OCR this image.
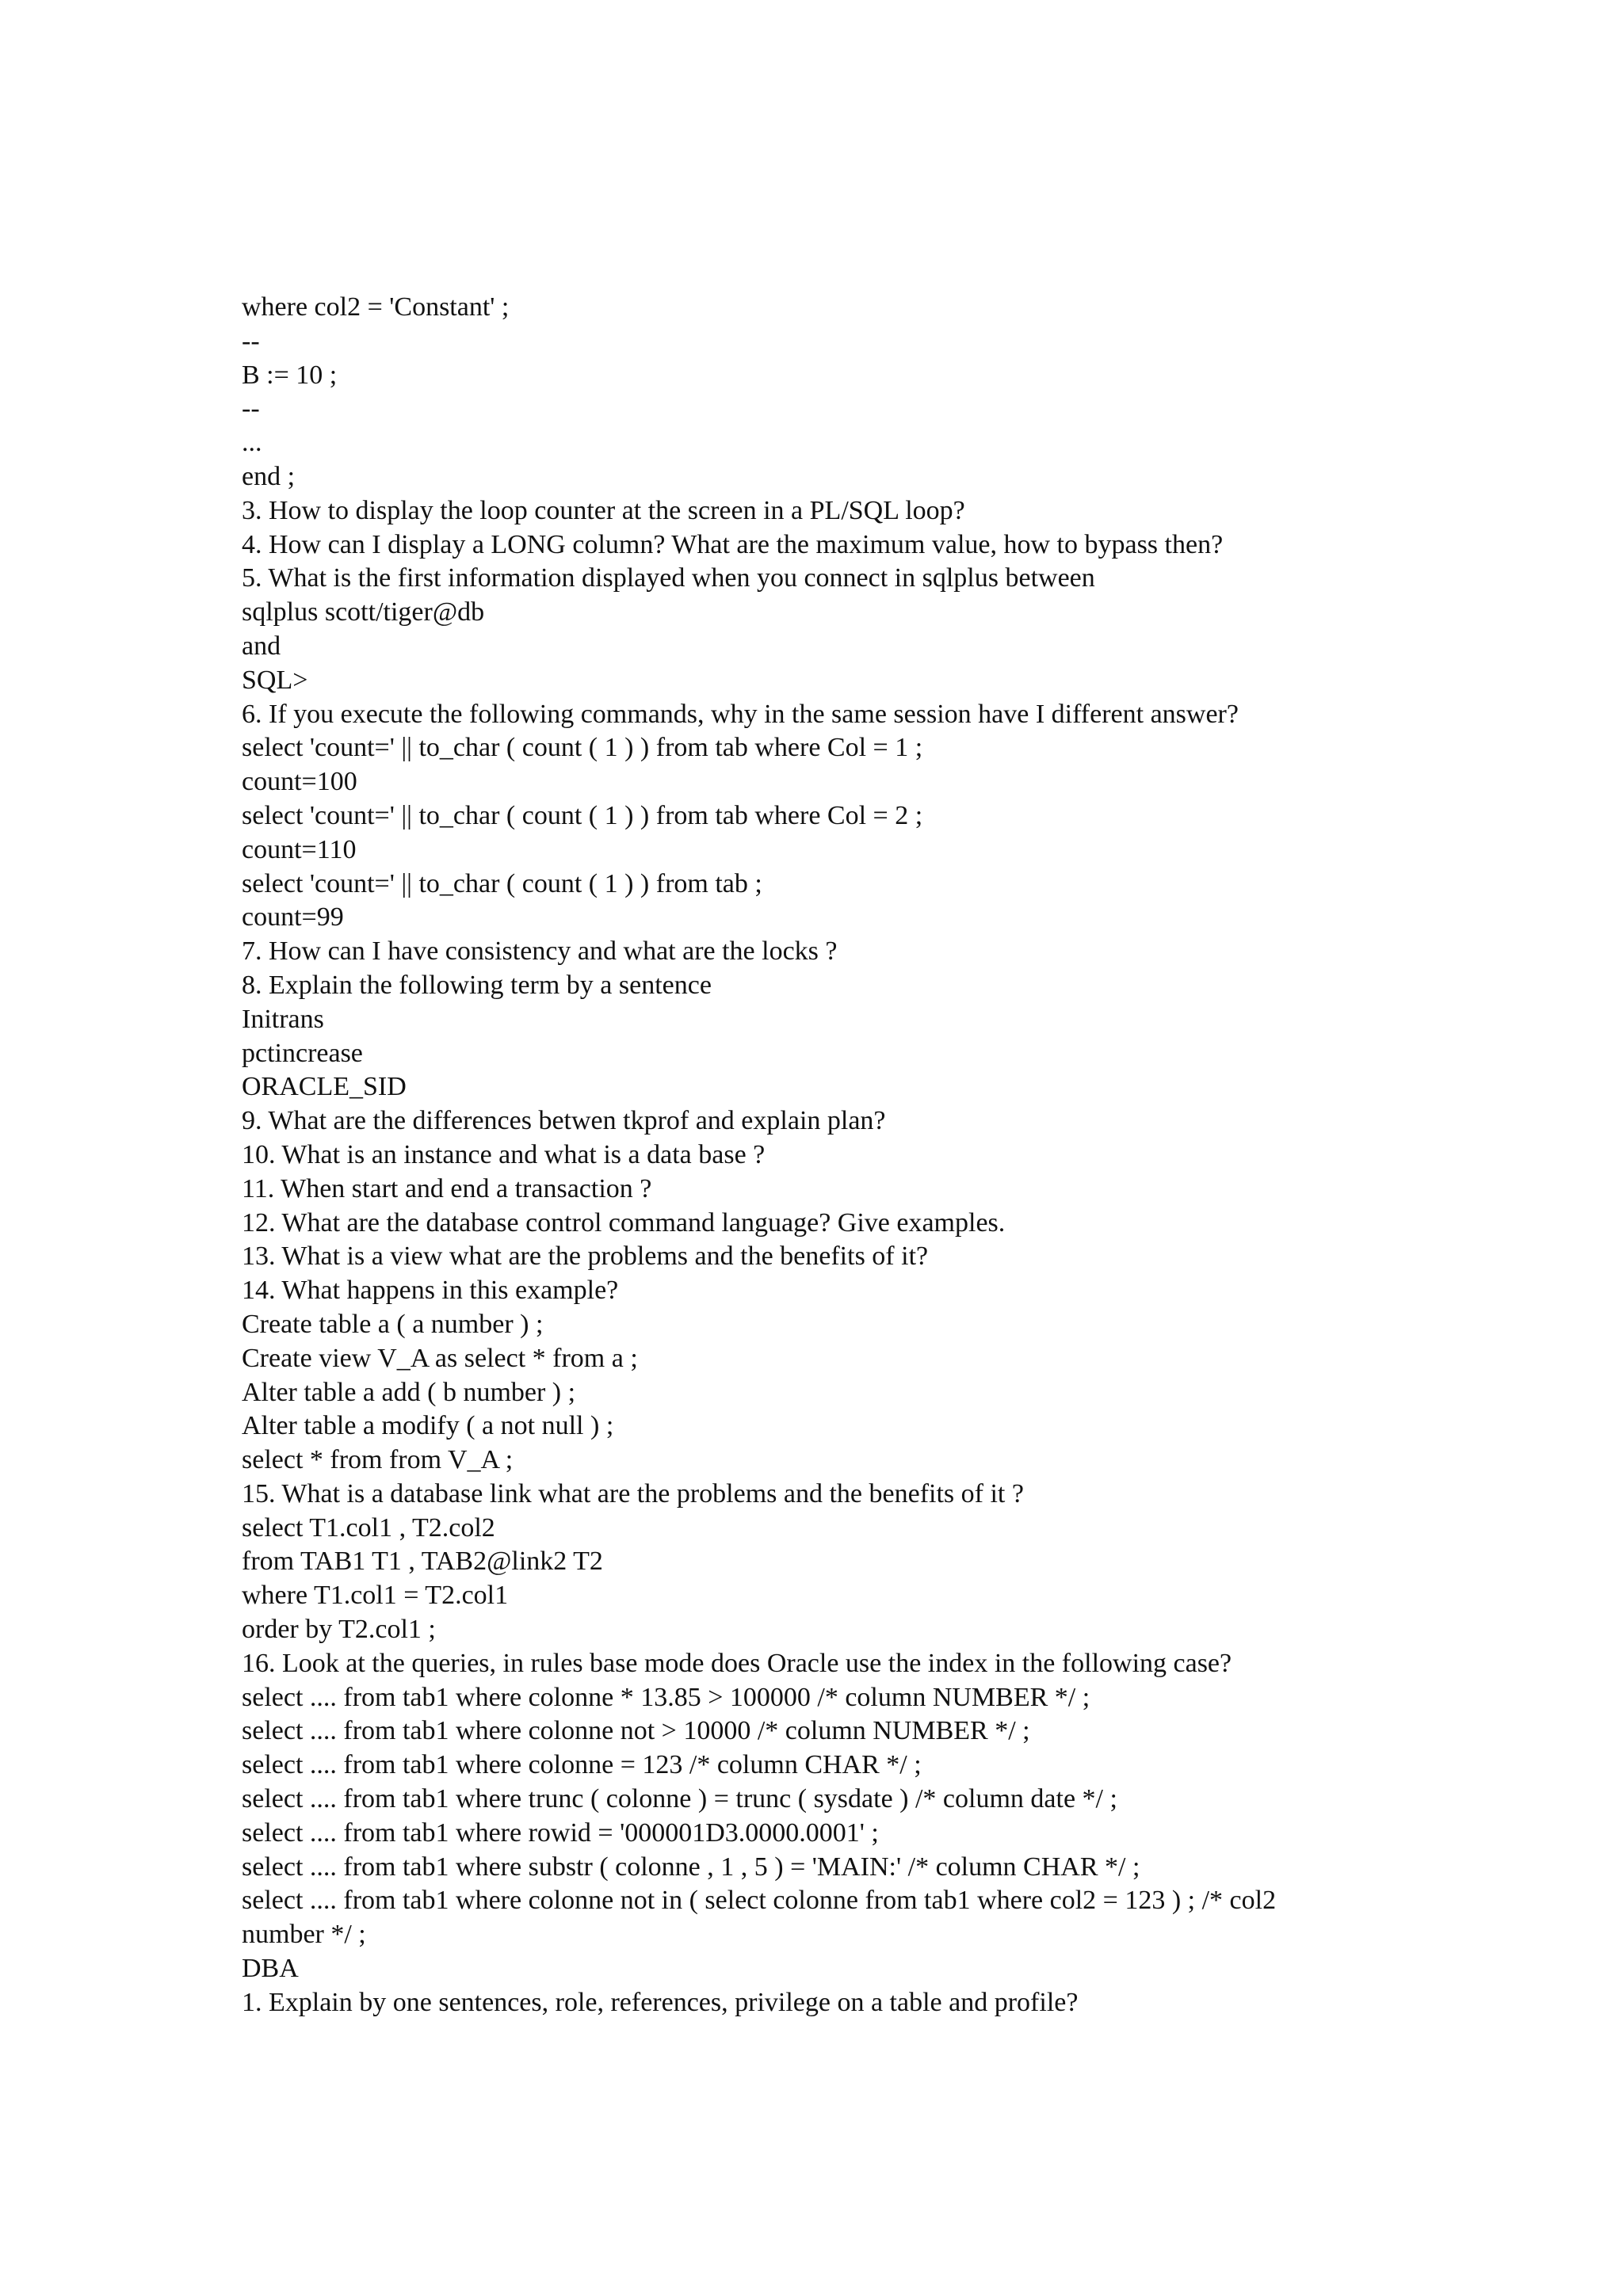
where col2 = 'Constant' ;
--
B := 10 ;
--
...
end ;
3. How to display the loop counter at the screen in a PL/SQL loop?
4. How can I display a LONG column? What are the maximum value, how to bypass then?
5. What is the first information displayed when you connect in sqlplus between
sqlplus scott/tiger@db
and
SQL>
6. If you execute the following commands, why in the same session have I different answer?
select 'count=' || to_char ( count ( 1 ) ) from tab where Col = 1 ;
count=100
select 'count=' || to_char ( count ( 1 ) ) from tab where Col = 2 ;
count=110
select 'count=' || to_char ( count ( 1 ) ) from tab ;
count=99
7. How can I have consistency and what are the locks ?
8. Explain the following term by a sentence
Initrans
pctincrease
ORACLE_SID
9. What are the differences betwen tkprof and explain plan?
10. What is an instance and what is a data base ?
11. When start and end a transaction ?
12. What are the database control command language? Give examples.
13. What is a view what are the problems and the benefits of it?
14. What happens in this example?
Create table a ( a number ) ;
Create view V_A as select * from a ;
Alter table a add ( b number ) ;
Alter table a modify ( a not null ) ;
select * from from V_A ;
15. What is a database link what are the problems and the benefits of it ?
select T1.col1 , T2.col2
from TAB1 T1 , TAB2@link2 T2
where T1.col1 = T2.col1
order by T2.col1 ;
16. Look at the queries, in rules base mode does Oracle use the index in the following case?
select .... from tab1 where colonne * 13.85 > 100000 /* column NUMBER */ ;
select .... from tab1 where colonne not > 10000 /* column NUMBER */ ;
select .... from tab1 where colonne = 123 /* column CHAR */ ;
select .... from tab1 where trunc ( colonne ) = trunc ( sysdate ) /* column date */ ;
select .... from tab1 where rowid = '000001D3.0000.0001' ;
select .... from tab1 where substr ( colonne , 1 , 5 ) = 'MAIN:' /* column CHAR */ ;
select .... from tab1 where colonne not in ( select colonne from tab1 where col2 = 123 ) ; /* col2
number */ ;
DBA
1. Explain by one sentences, role, references, privilege on a table and profile?
